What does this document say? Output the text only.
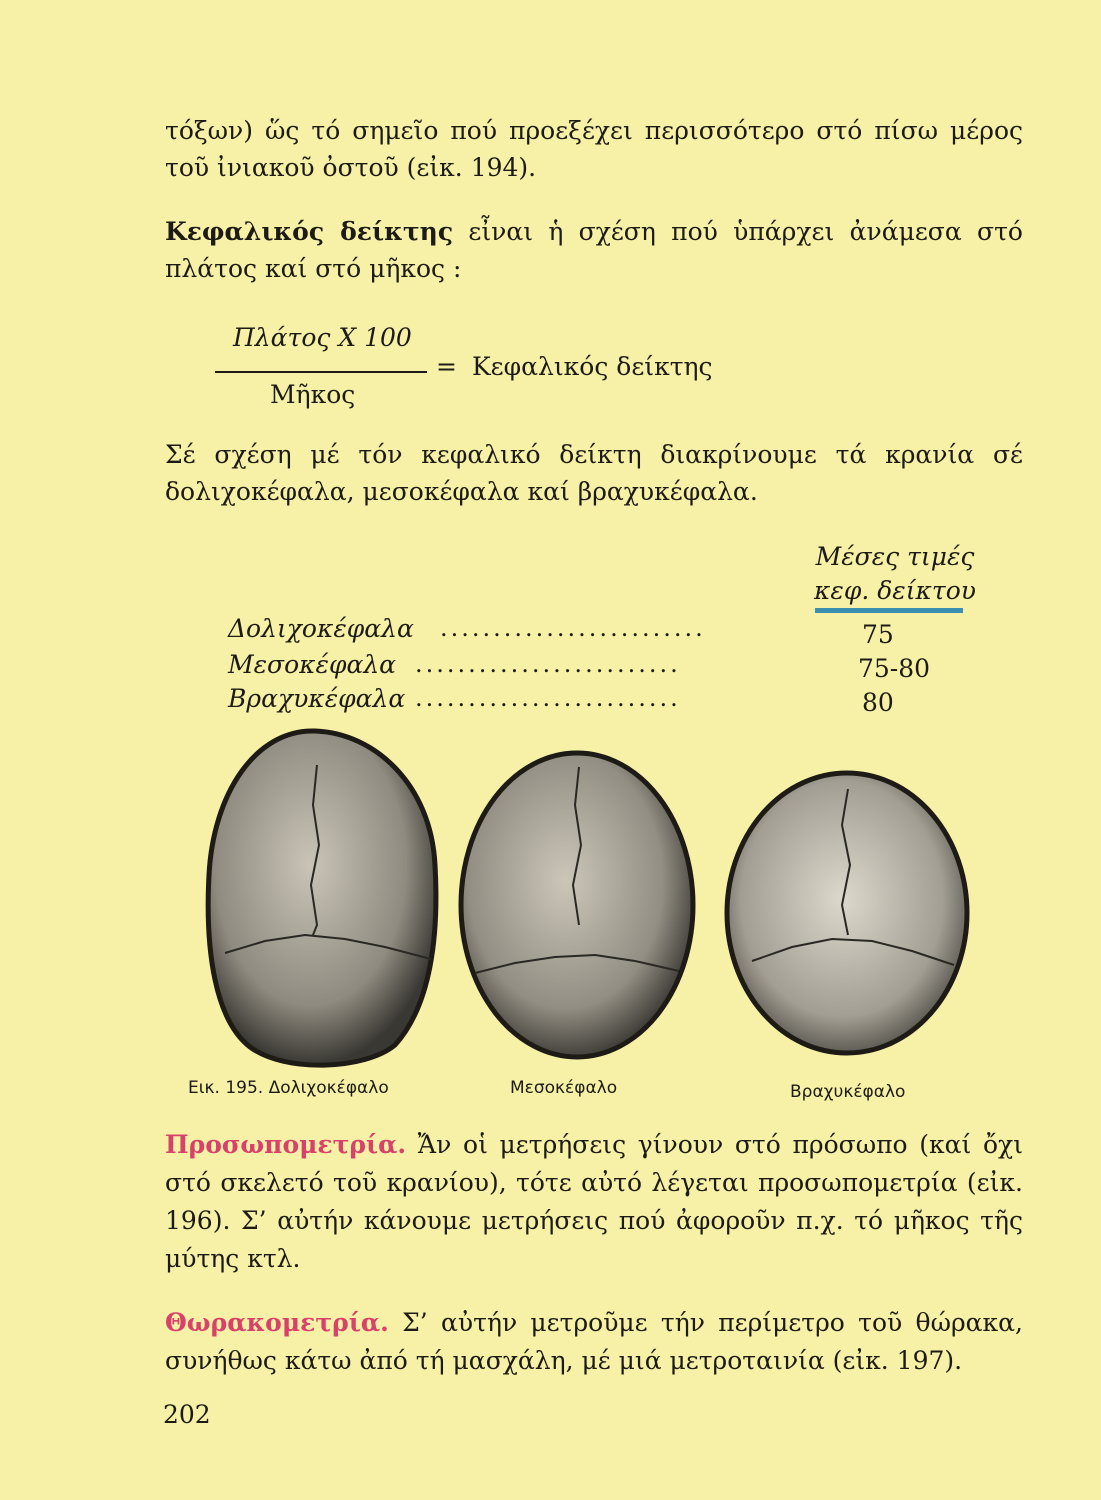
τόξων) ὥς τό σημεῖο πού προεξέχει περισσότερο στό πίσω μέρος τοῦ ἰνιακοῦ ὀστοῦ (εἰκ. 194).
Κεφαλικός δείκτης εἶναι ἡ σχέση πού ὑπάρχει ἀνάμεσα στό πλάτος καί στό μῆκος :
Πλάτος Χ 100
= Κεφαλικός δείκτης
Μῆκος
Σέ σχέση μέ τόν κεφαλικό δείκτη διακρίνουμε τά κρανία σέ δολιχοκέφαλα, μεσοκέφαλα καί βραχυκέφαλα.
Μέσες τιμές
κεφ. δείκτου
Δολιχοκέφαλα .........................	75
Μεσοκέφαλα .........................	75-80
Βραχυκέφαλα .........................	80
Εικ. 195. Δολιχοκέφαλο	Μεσοκέφαλο	Βραχυκέφαλο
Προσωπομετρία. Ἄν οἱ μετρήσεις γίνουν στό πρόσωπο (καί ὄχι στό σκελετό τοῦ κρανίου), τότε αὐτό λέγεται προσωπομετρία (εἰκ. 196). Σ’ αὐτήν κάνουμε μετρήσεις πού ἀφοροῦν π.χ. τό μῆκος τῆς μύτης κτλ.
Θωρακομετρία. Σ’ αὐτήν μετροῦμε τήν περίμετρο τοῦ θώρακα, συνήθως κάτω ἀπό τή μασχάλη, μέ μιά μετροταινία (εἰκ. 197).
202
